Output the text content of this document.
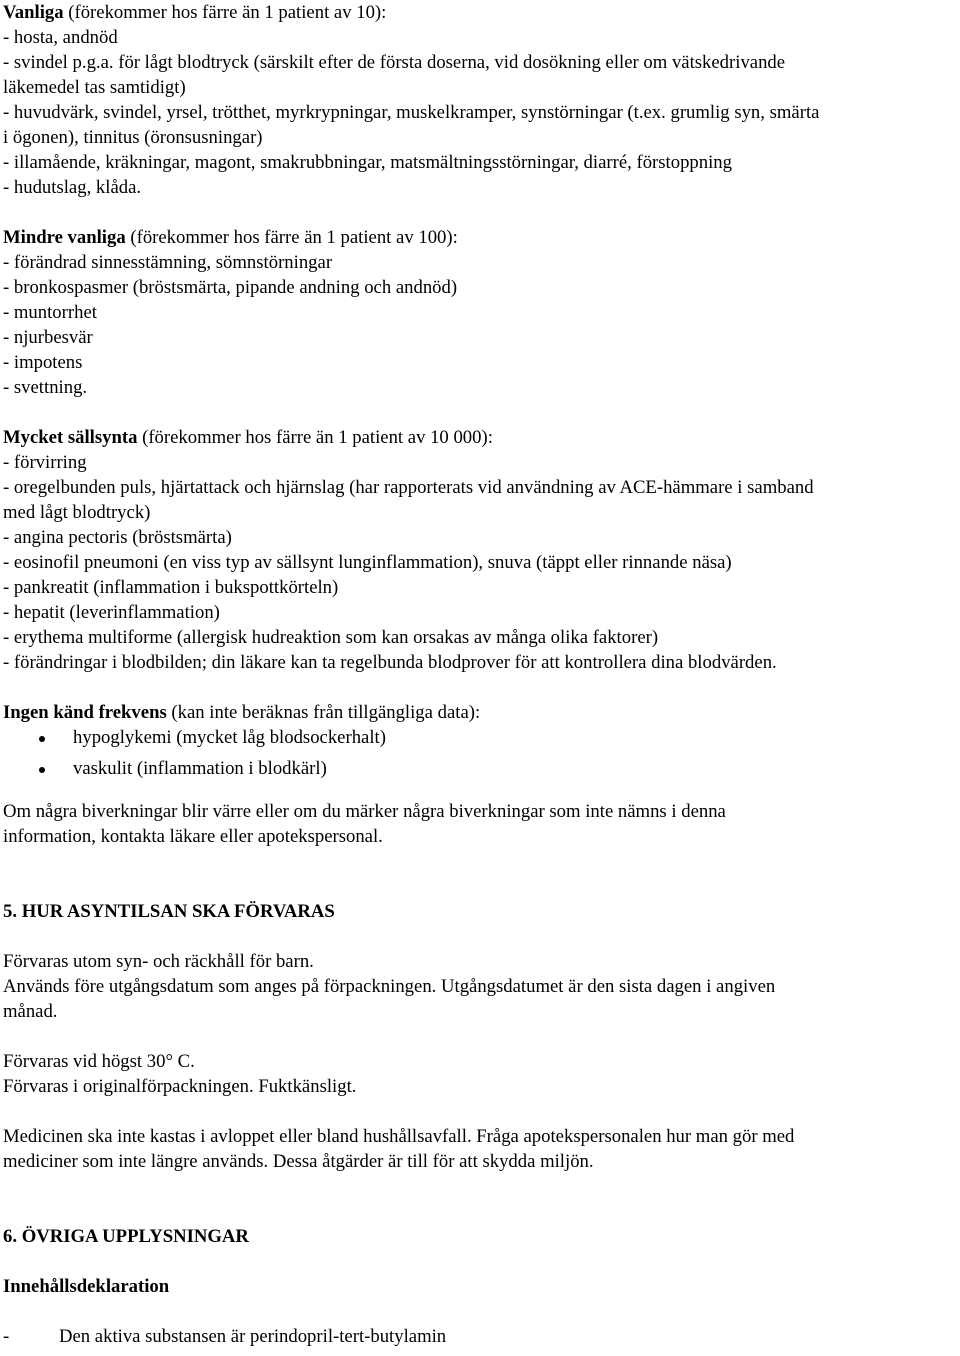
Vanliga (förekommer hos färre än 1 patient av 10):
- hosta, andnöd
- svindel p.g.a. för lågt blodtryck (särskilt efter de första doserna, vid dosökning eller om vätskedrivande
läkemedel tas samtidigt)
- huvudvärk, svindel, yrsel, trötthet, myrkrypningar, muskelkramper, synstörningar (t.ex. grumlig syn, smärta
i ögonen), tinnitus (öronsusningar)
- illamående, kräkningar, magont, smakrubbningar, matsmältningsstörningar, diarré, förstoppning
- hudutslag, klåda.
Mindre vanliga (förekommer hos färre än 1 patient av 100):
- förändrad sinnesstämning, sömnstörningar
- bronkospasmer (bröstsmärta, pipande andning och andnöd)
- muntorrhet
- njurbesvär
- impotens
- svettning.
Mycket sällsynta (förekommer hos färre än 1 patient av 10 000):
- förvirring
- oregelbunden puls, hjärtattack och hjärnslag (har rapporterats vid användning av ACE-hämmare i samband
med lågt blodtryck)
- angina pectoris (bröstsmärta)
- eosinofil pneumoni (en viss typ av sällsynt lunginflammation), snuva (täppt eller rinnande näsa)
- pankreatit (inflammation i bukspottkörteln)
- hepatit (leverinflammation)
- erythema multiforme (allergisk hudreaktion som kan orsakas av många olika faktorer)
- förändringar i blodbilden; din läkare kan ta regelbunda blodprover för att kontrollera dina blodvärden.
Ingen känd frekvens (kan inte beräknas från tillgängliga data):
hypoglykemi (mycket låg blodsockerhalt)
vaskulit (inflammation i blodkärl)
Om några biverkningar blir värre eller om du märker några biverkningar som inte nämns i denna
information, kontakta läkare eller apotekspersonal.
5. HUR ASYNTILSAN SKA FÖRVARAS
Förvaras utom syn- och räckhåll för barn.
Används före utgångsdatum som anges på förpackningen. Utgångsdatumet är den sista dagen i angiven
månad.
Förvaras vid högst 30° C.
Förvaras i originalförpackningen. Fuktkänsligt.
Medicinen ska inte kastas i avloppet eller bland hushållsavfall. Fråga apotekspersonalen hur man gör med
mediciner som inte längre används. Dessa åtgärder är till för att skydda miljön.
6. ÖVRIGA UPPLYSNINGAR
Innehållsdeklaration
-	Den aktiva substansen är perindopril-tert-butylamin
